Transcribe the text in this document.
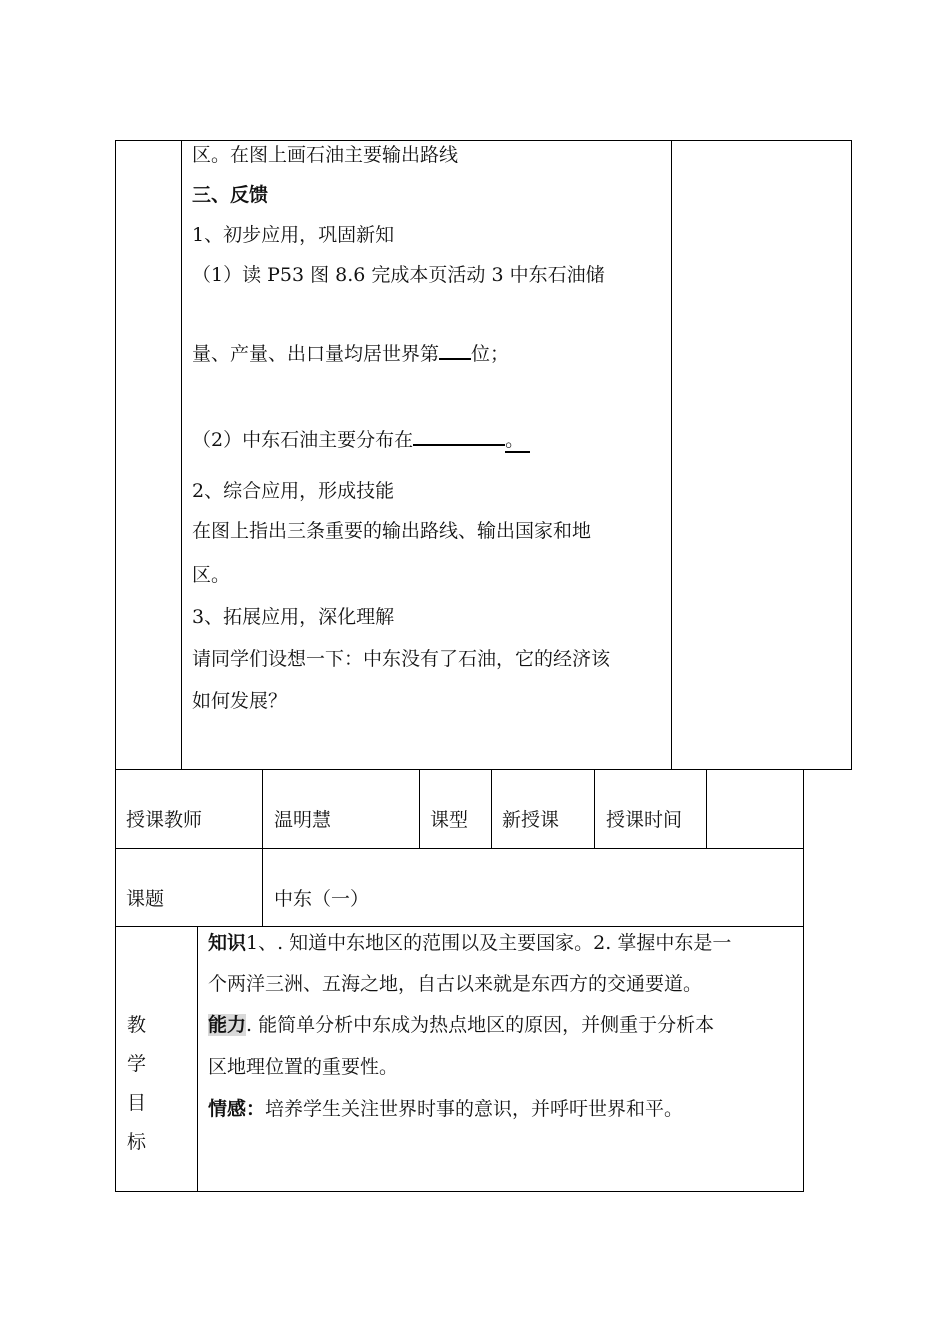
区。在图上画石油主要输出路线
三、反馈
1、初步应用，巩固新知
（1）读 P53 图 8.6 完成本页活动 3 中东石油储
量、产量、出口量均居世界第 位；
（2）中东石油主要分布在	。
2、综合应用，形成技能
在图上指出三条重要的输出路线、输出国家和地
区。
3、拓展应用，深化理解
请同学们设想一下：中东没有了石油，它的经济该
如何发展？
授课教师	温明慧	课型 新授课 授课时间
课题	中东（一）
教
学
目
标
知识1、. 知道中东地区的范围以及主要国家。2. 掌握中东是一
个两洋三洲、五海之地，自古以来就是东西方的交通要道。
能力. 能简单分析中东成为热点地区的原因，并侧重于分析本
区地理位置的重要性。
情感：培养学生关注世界时事的意识，并呼吁世界和平。
